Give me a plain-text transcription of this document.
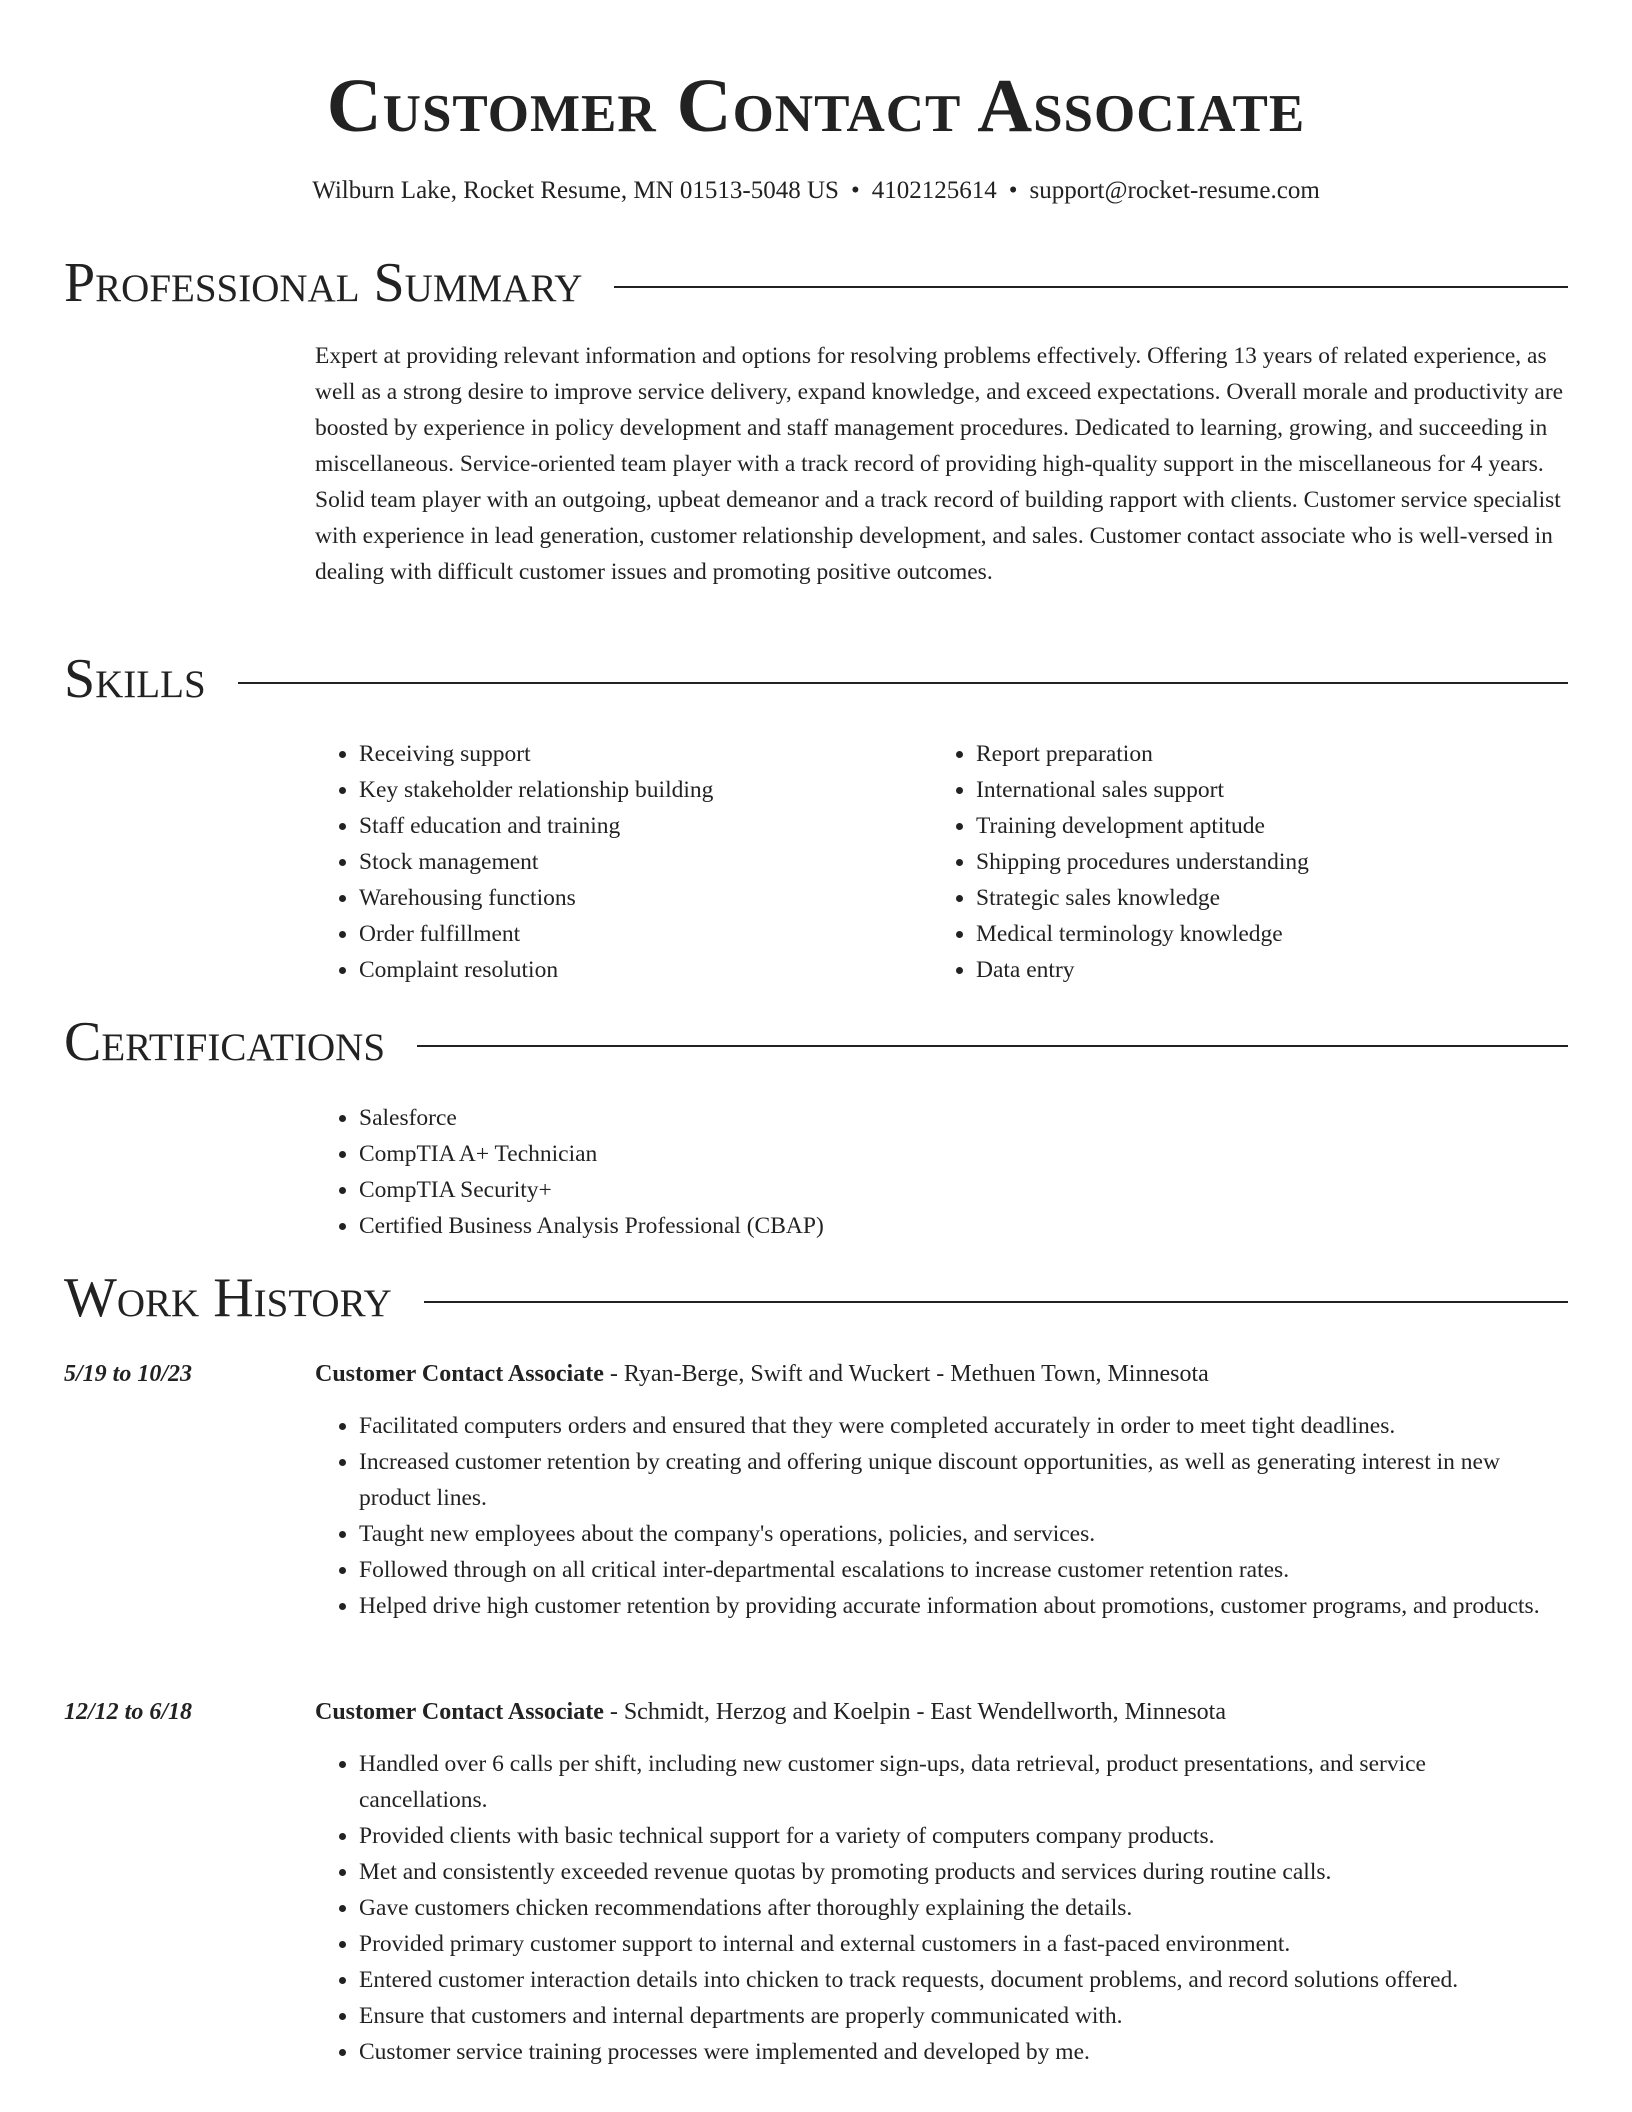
Customer Contact Associate
Wilburn Lake, Rocket Resume, MN 01513-5048 US • 4102125614 • support@rocket-resume.com
Professional Summary

Expert at providing relevant information and options for resolving problems effectively. Offering 13 years of related experience, as well as a strong desire to improve service delivery, expand knowledge, and exceed expectations. Overall morale and productivity are boosted by experience in policy development and staff management procedures. Dedicated to learning, growing, and succeeding in miscellaneous. Service-oriented team player with a track record of providing high-quality support in the miscellaneous for 4 years. Solid team player with an outgoing, upbeat demeanor and a track record of building rapport with clients. Customer service specialist with experience in lead generation, customer relationship development, and sales. Customer contact associate who is well-versed in dealing with difficult customer issues and promoting positive outcomes.

Skills
• Receiving support
• Key stakeholder relationship building
• Staff education and training
• Stock management
• Warehousing functions
• Order fulfillment
• Complaint resolution
• Report preparation
• International sales support
• Training development aptitude
• Shipping procedures understanding
• Strategic sales knowledge
• Medical terminology knowledge
• Data entry
Certifications
• Salesforce
• CompTIA A+ Technician
• CompTIA Security+
• Certified Business Analysis Professional (CBAP)
Work History
5/19 to 10/23	Customer Contact Associate - Ryan-Berge, Swift and Wuckert - Methuen Town, Minnesota
• Facilitated computers orders and ensured that they were completed accurately in order to meet tight deadlines.
• Increased customer retention by creating and offering unique discount opportunities, as well as generating interest in new product lines.
• Taught new employees about the company's operations, policies, and services.
• Followed through on all critical inter-departmental escalations to increase customer retention rates.
• Helped drive high customer retention by providing accurate information about promotions, customer programs, and products.
12/12 to 6/18	Customer Contact Associate - Schmidt, Herzog and Koelpin - East Wendellworth, Minnesota
• Handled over 6 calls per shift, including new customer sign-ups, data retrieval, product presentations, and service cancellations.
• Provided clients with basic technical support for a variety of computers company products.
• Met and consistently exceeded revenue quotas by promoting products and services during routine calls.
• Gave customers chicken recommendations after thoroughly explaining the details.
• Provided primary customer support to internal and external customers in a fast-paced environment.
• Entered customer interaction details into chicken to track requests, document problems, and record solutions offered.
• Ensure that customers and internal departments are properly communicated with.
• Customer service training processes were implemented and developed by me.
